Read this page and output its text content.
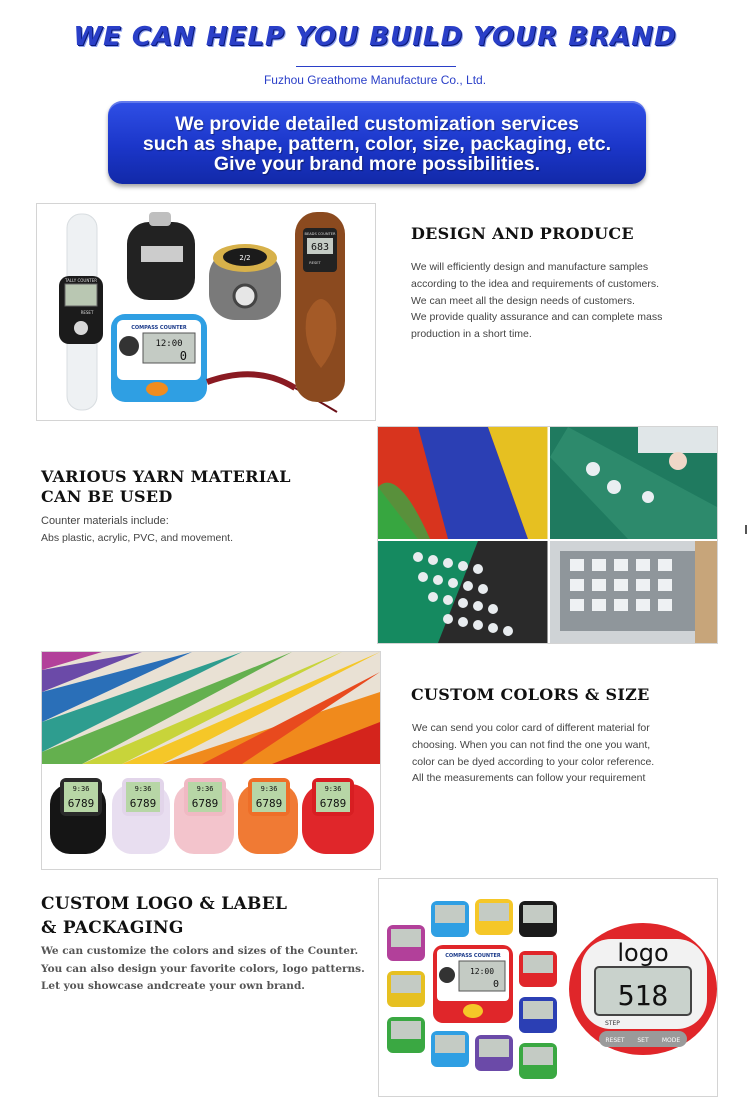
WE CAN HELP YOU BUILD YOUR BRAND
Fuzhou Greathome Manufacture Co., Ltd.
We provide detailed customization services
such as shape, pattern, color, size, packaging, etc.
Give your brand more possibilities.
TALLY COUNTER
RESET
COMPASS COUNTER
12:00
0
2/2
BEADS COUNTER
683
RESET
DESIGN AND PRODUCE

We will efficiently design and manufacture samples

according to the idea and requirements of customers.

We can meet all the design needs of customers.

We provide quality assurance and can complete mass

production in a short time.

VARIOUS YARN MATERIAL
CAN BE USED

Counter materials include:

Abs plastic, acrylic, PVC, and movement.

9:36
6789
9:36
6789
9:36
6789
9:36
6789
9:36
6789
CUSTOM COLORS & SIZE

We can send you color card of different material for

choosing. When you can not find the one you want,

color can be dyed according to your color reference.

All the measurements can follow your requirement

CUSTOM LOGO & LABEL
& PACKAGING

We can customize the colors and sizes of the Counter.

You can also design your favorite colors, logo patterns.

Let you showcase andcreate your own brand.

COMPASS COUNTER
12:00
0
logo
518
STEP
RESET SET MODE
